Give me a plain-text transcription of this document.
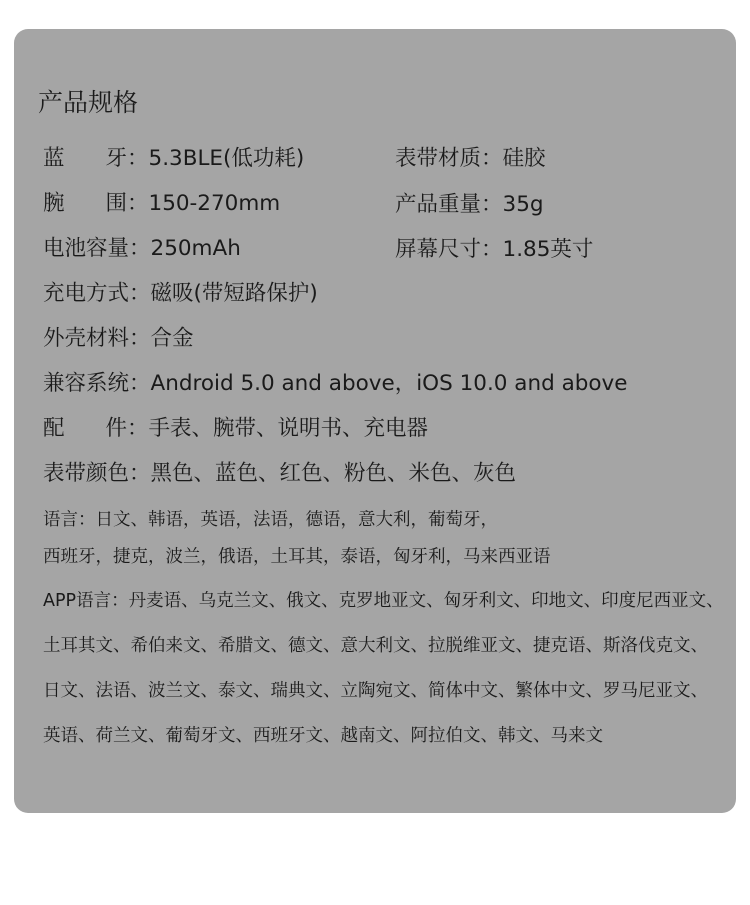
产品规格
蓝      牙：5.3BLE(低功耗)	表带材质：硅胶
腕      围：150-270mm	产品重量：35g
电池容量：250mAh	屏幕尺寸：1.85英寸
充电方式：磁吸(带短路保护)
外壳材料：合金
兼容系统：Android 5.0 and above，iOS 10.0 and above
配      件：手表、腕带、说明书、充电器
表带颜色：黑色、蓝色、红色、粉色、米色、灰色
语言：日文、韩语，英语，法语，德语，意大利，葡萄牙，
西班牙，捷克，波兰，俄语，土耳其，泰语，匈牙利，马来西亚语
APP语言：丹麦语、乌克兰文、俄文、克罗地亚文、匈牙利文、印地文、印度尼西亚文、
土耳其文、希伯来文、希腊文、德文、意大利文、拉脱维亚文、捷克语、斯洛伐克文、
日文、法语、波兰文、泰文、瑞典文、立陶宛文、简体中文、繁体中文、罗马尼亚文、
英语、荷兰文、葡萄牙文、西班牙文、越南文、阿拉伯文、韩文、马来文
